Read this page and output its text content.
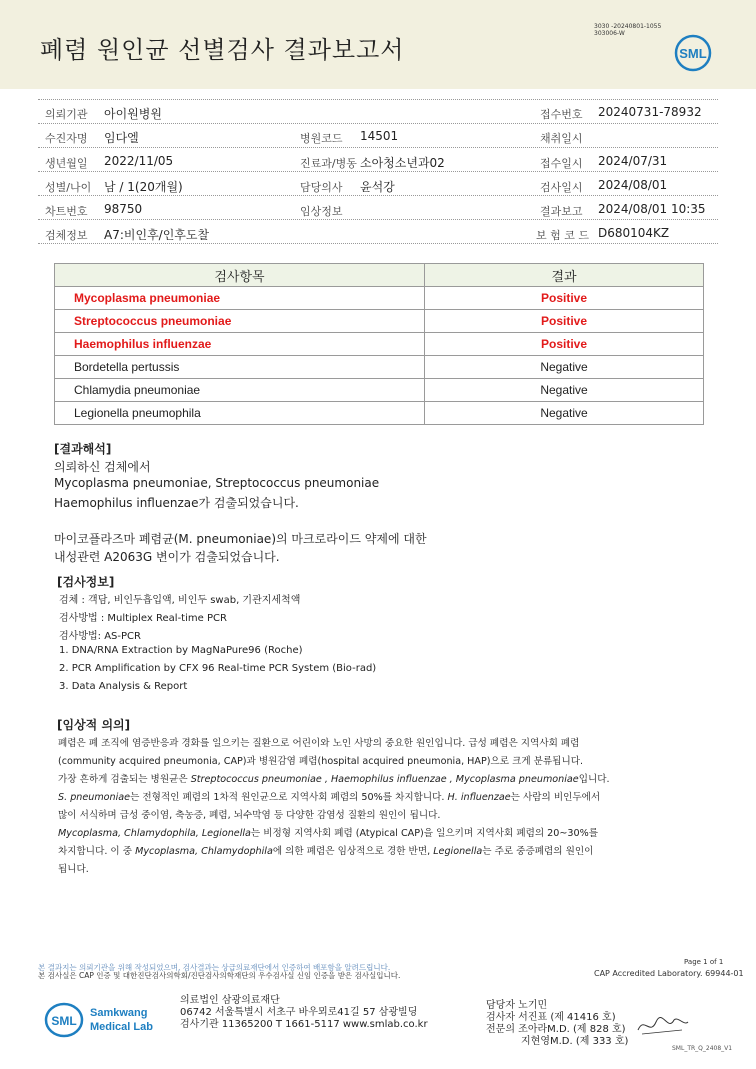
폐렴 원인균 선별검사 결과보고서
3030 -20240801-1055
303006-W
SML
의뢰기관 아이원병원	접수번호 20240731-78932
수진자명 임다엘	병원코드 14501	채취일시
생년월일 2022/11/05	진료과/병동 소아청소년과02	접수일시 2024/07/31
성별/나이 남 / 1(20개월)	담당의사 윤석강	검사일시 2024/08/01
차트번호 98750	임상정보	결과보고 2024/08/01 10:35
검체정보 A7:비인후/인후도찰	보 험 코 드 D680104KZ
검사항목	결과
Mycoplasma pneumoniae	Positive
Streptococcus pneumoniae	Positive
Haemophilus influenzae	Positive
Bordetella pertussis	Negative
Chlamydia pneumoniae	Negative
Legionella pneumophila	Negative
[결과해석]
의뢰하신 검체에서
Mycoplasma pneumoniae, Streptococcus pneumoniae
Haemophilus influenzae가 검출되었습니다.
마이코플라즈마 폐렴균(M. pneumoniae)의 마크로라이드 약제에 대한
내성관련 A2063G 변이가 검출되었습니다.
[검사정보]
검체 : 객담, 비인두흡입액, 비인두 swab, 기관지세척액
검사방법 : Multiplex Real-time PCR
검사방법: AS-PCR
1. DNA/RNA Extraction by MagNaPure96 (Roche)
2. PCR Amplification by CFX 96 Real-time PCR System (Bio-rad)
3. Data Analysis & Report
[임상적 의의]
폐렴은 폐 조직에 염증반응과 경화를 일으키는 질환으로 어린이와 노인 사망의 중요한 원인입니다. 급성 폐렴은 지역사회 폐렴
(community acquired pneumonia, CAP)과 병원감염 폐렴(hospital acquired pneumonia, HAP)으로 크게 분류됩니다.
가장 흔하게 검출되는 병원균은 Streptococcus pneumoniae , Haemophilus influenzae , Mycoplasma pneumoniae입니다.
S. pneumoniae는 전형적인 폐렴의 1차적 원인균으로 지역사회 폐렴의 50%를 차지합니다. H. influenzae는 사람의 비인두에서
많이 서식하며 급성 중이염, 축농증, 폐렴, 뇌수막염 등 다양한 감염성 질환의 원인이 됩니다.
Mycoplasma, Chlamydophila, Legionella는 비정형 지역사회 폐렴 (Atypical CAP)을 일으키며 지역사회 폐렴의 20~30%를
차지합니다. 이 중 Mycoplasma, Chlamydophila에 의한 폐렴은 임상적으로 경한 반면, Legionella는 주로 중증폐렴의 원인이
됩니다.
본 결과지는 의뢰기관을 위해 작성되었으며, 검사결과는 상급의료재단에서 인증하여 배포함을 알려드립니다.
본 검사실은 CAP 인증 및 대한진단검사의학회/진단검사의학재단의 우수검사실 신임 인증을 받은 검사실입니다.
Page 1 of 1
CAP Accredited Laboratory. 69944-01
SML
Samkwang
Medical Lab
의료법인 삼광의료재단
06742 서울특별시 서초구 바우뫼로41길 57 삼광빌딩
검사기관 11365200 T 1661-5117 www.smlab.co.kr
담당자 노기민
검사자 서진표 (제 41416 호)
전문의 조아라M.D. (제 828 호)
지현영M.D. (제 333 호)
SML_TR_Q_2408_V1
